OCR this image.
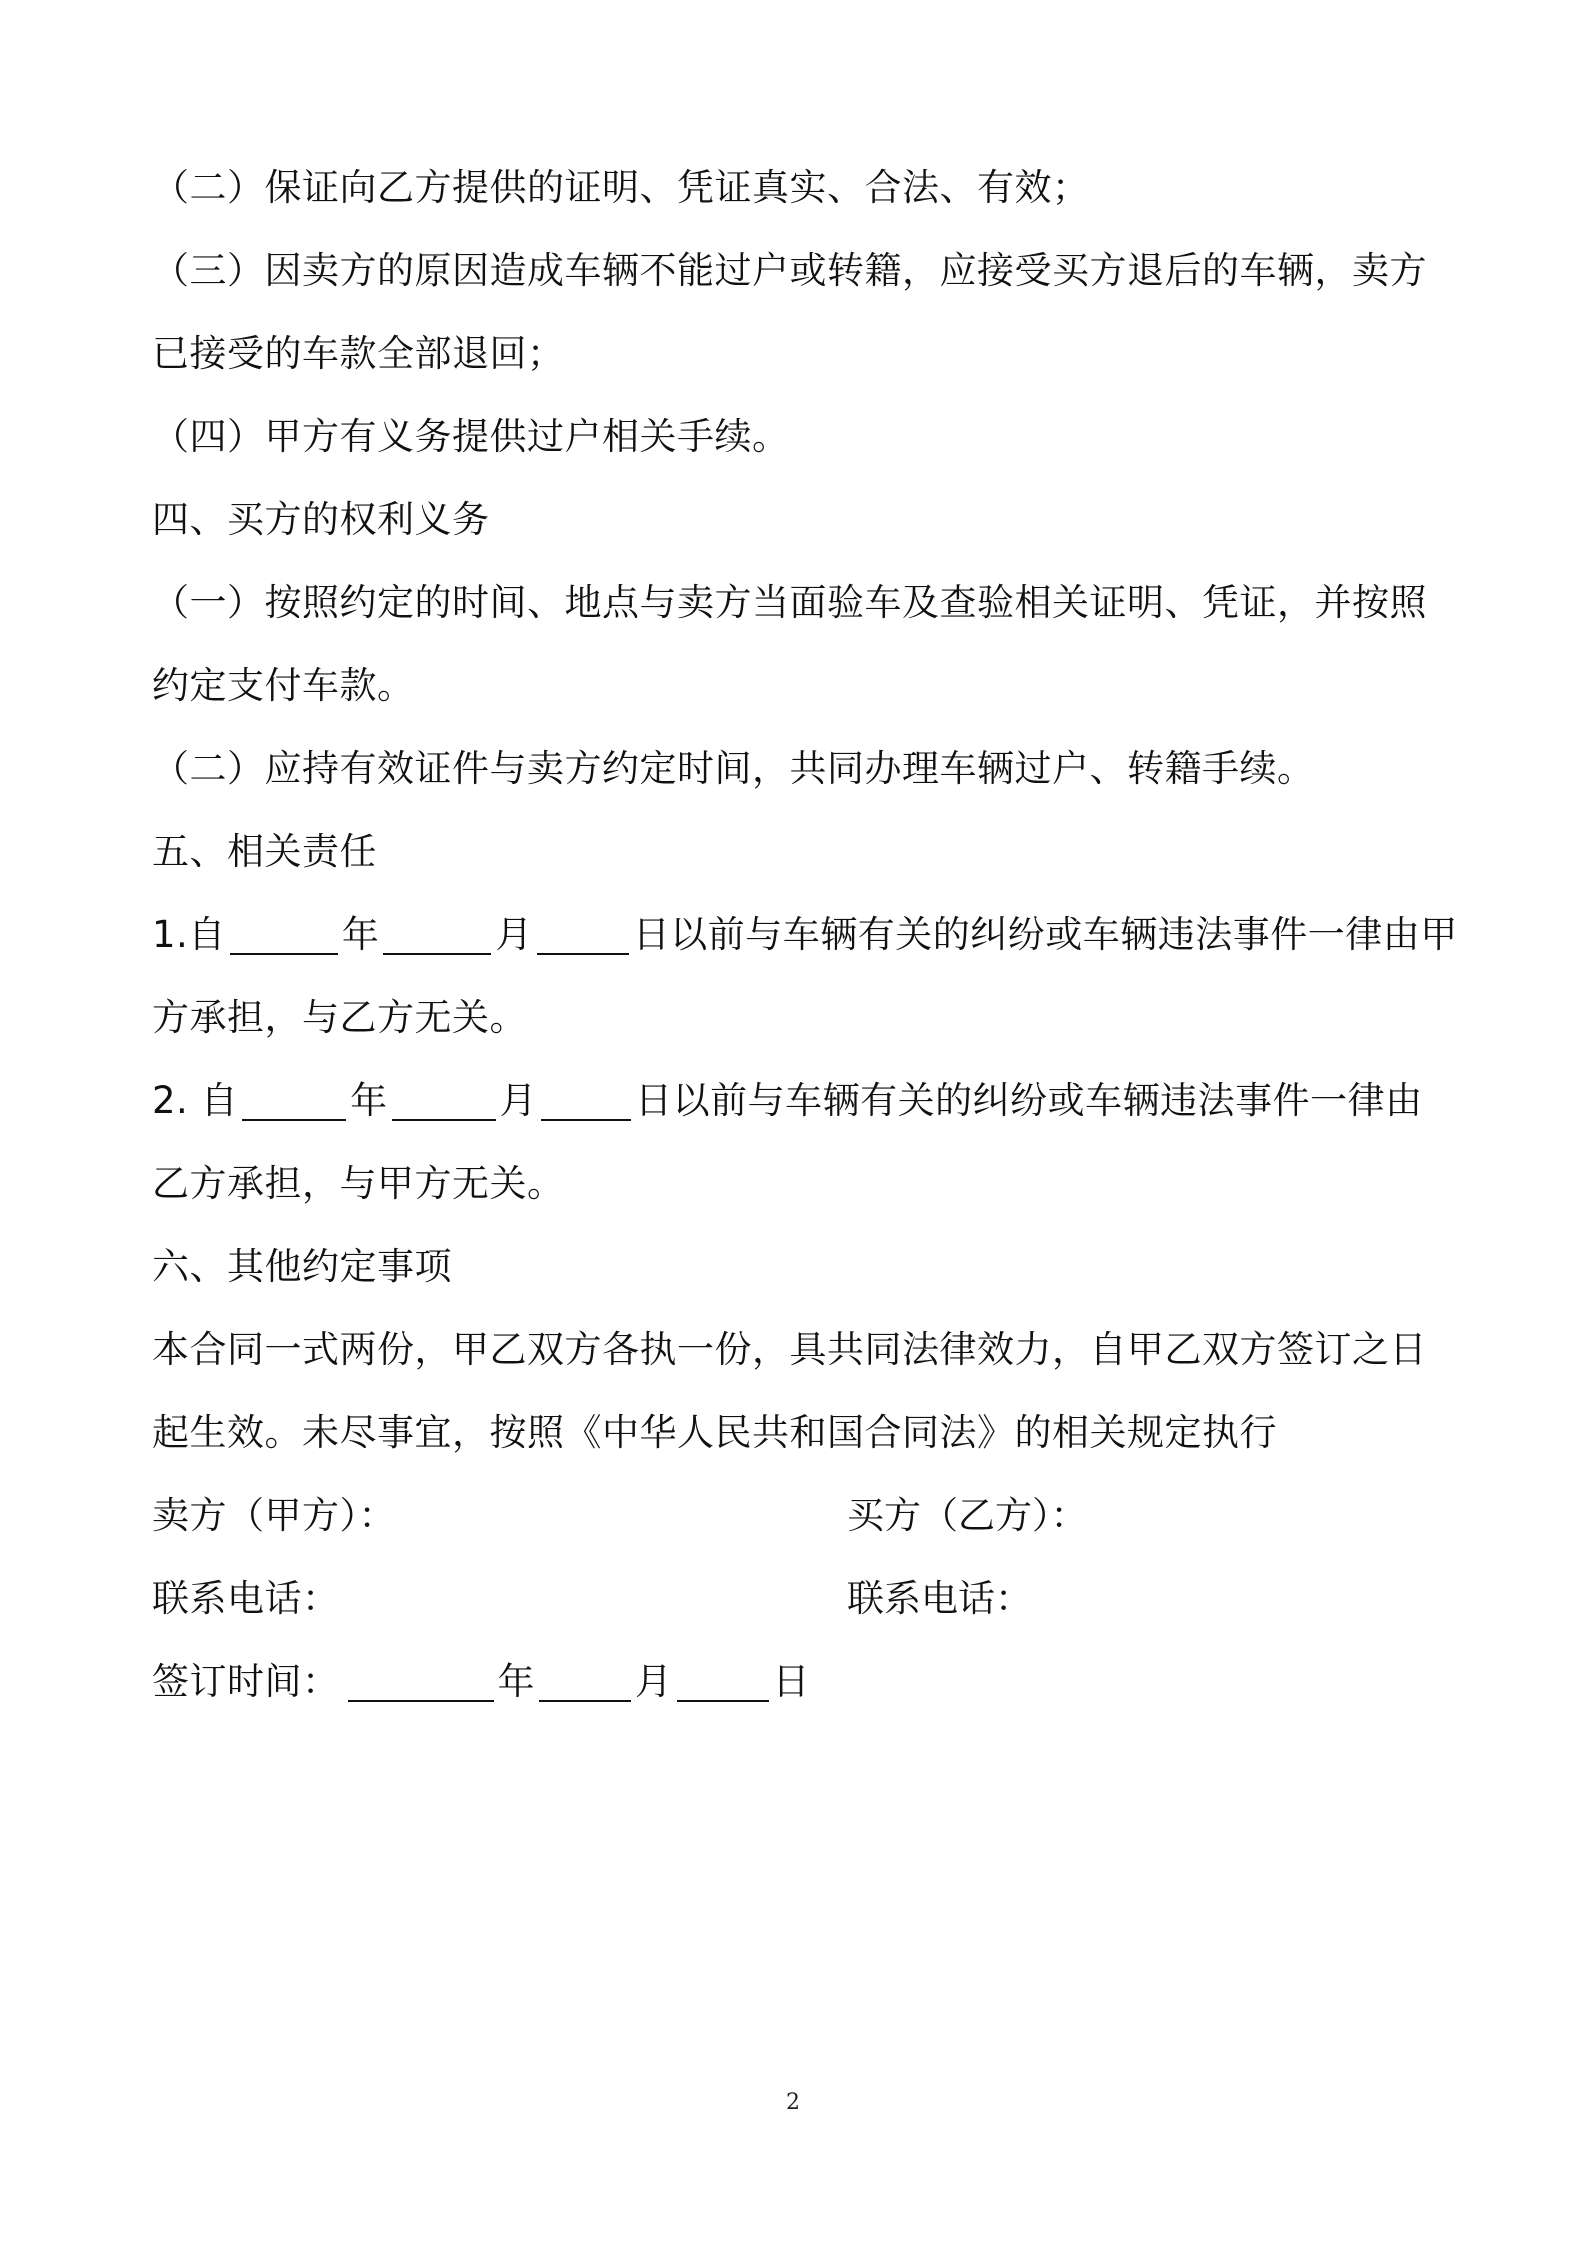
（二）保证向乙方提供的证明、凭证真实、合法、有效；
（三）因卖方的原因造成车辆不能过户或转籍，应接受买方退后的车辆，卖方
已接受的车款全部退回；
（四）甲方有义务提供过户相关手续。
四、买方的权利义务
（一）按照约定的时间、地点与卖方当面验车及查验相关证明、凭证，并按照
约定支付车款。
（二）应持有效证件与卖方约定时间，共同办理车辆过户、转籍手续。
五、相关责任
1.自	年	月	日以前与车辆有关的纠纷或车辆违法事件一律由甲
方承担，与乙方无关。
2. 自	年	月	日以前与车辆有关的纠纷或车辆违法事件一律由
乙方承担，与甲方无关。
六、其他约定事项
本合同一式两份，甲乙双方各执一份，具共同法律效力，自甲乙双方签订之日
起生效。未尽事宜，按照《中华人民共和国合同法》的相关规定执行
卖方（甲方）：	买方（乙方）：
联系电话：	联系电话：
签订时间：	年	月	日
2
